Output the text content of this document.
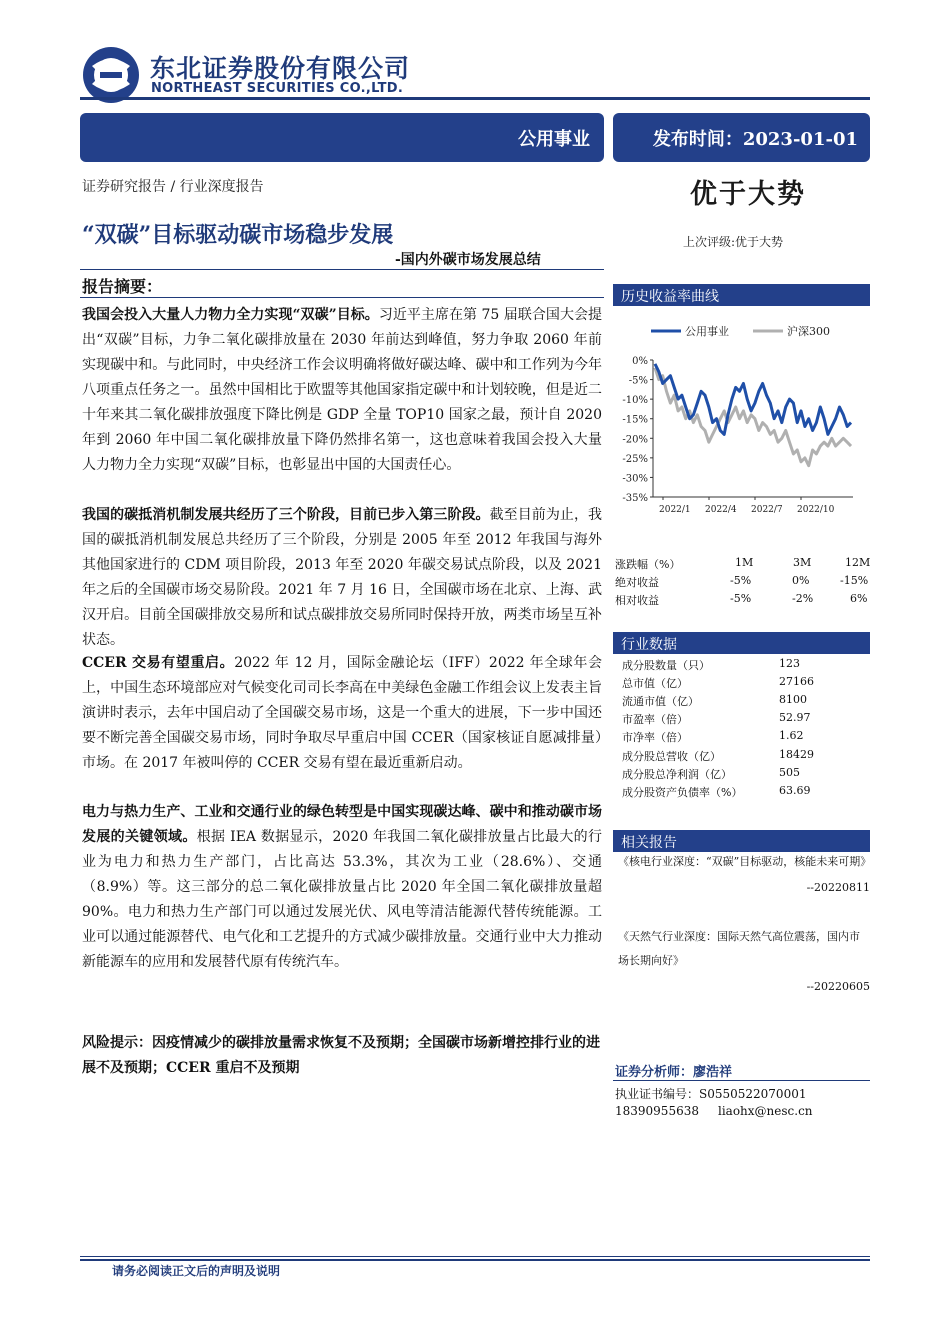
东北证券股份有限公司
NORTHEAST SECURITIES CO.,LTD.
公用事业	发布时间：2023-01-01
证券研究报告 / 行业深度报告	优于大势
“双碳”目标驱动碳市场稳步发展	上次评级:优于大势
-国内外碳市场发展总结
报告摘要：
我国会投入大量人力物力全力实现“双碳”目标。习近平主席在第 75 届联合国大会提出“双碳”目标，力争二氧化碳排放量在 2030 年前达到峰值，努力争取 2060 年前实现碳中和。与此同时，中央经济工作会议明确将做好碳达峰、碳中和工作列为今年八项重点任务之一。虽然中国相比于欧盟等其他国家指定碳中和计划较晚，但是近二十年来其二氧化碳排放强度下降比例是 GDP 全量 TOP10 国家之最，预计自 2020 年到 2060 年中国二氧化碳排放量下降仍然排名第一，这也意味着我国会投入大量人力物力全力实现“双碳”目标，也彰显出中国的大国责任心。
我国的碳抵消机制发展共经历了三个阶段，目前已步入第三阶段。截至目前为止，我国的碳抵消机制发展总共经历了三个阶段，分别是 2005 年至 2012 年我国与海外其他国家进行的 CDM 项目阶段，2013 年至 2020 年碳交易试点阶段，以及 2021 年之后的全国碳市场交易阶段。2021 年 7 月 16 日，全国碳市场在北京、上海、武汉开启。目前全国碳排放交易所和试点碳排放交易所同时保持开放，两类市场呈互补状态。
CCER 交易有望重启。2022 年 12 月，国际金融论坛（IFF）2022 年全球年会上，中国生态环境部应对气候变化司司长李高在中美绿色金融工作组会议上发表主旨演讲时表示，去年中国启动了全国碳交易市场，这是一个重大的进展，下一步中国还要不断完善全国碳交易市场，同时争取尽早重启中国 CCER（国家核证自愿减排量）市场。在 2017 年被叫停的 CCER 交易有望在最近重新启动。
电力与热力生产、工业和交通行业的绿色转型是中国实现碳达峰、碳中和推动碳市场发展的关键领域。根据 IEA 数据显示，2020 年我国二氧化碳排放量占比最大的行业为电力和热力生产部门，占比高达 53.3%，其次为工业（28.6%）、交通（8.9%）等。这三部分的总二氧化碳排放量占比 2020 年全国二氧化碳排放量超 90%。电力和热力生产部门可以通过发展光伏、风电等清洁能源代替传统能源。工业可以通过能源替代、电气化和工艺提升的方式减少碳排放量。交通行业中大力推动新能源车的应用和发展替代原有传统汽车。
风险提示：因疫情减少的碳排放量需求恢复不及预期；全国碳市场新增控排行业的进展不及预期；CCER 重启不及预期
历史收益率曲线
0%
-5%
-10%
-15%
-20%
-25%
-30%
-35%
2022/1 2022/4 2022/7 2022/10
公用事业	沪深300
涨跌幅（%）	1M	3M	12M
绝对收益	-5%	0%	-15%
相对收益	-5%	-2%	6%
行业数据
成分股数量（只）	123
总市值（亿）	27166
流通市值（亿）	8100
市盈率（倍）	52.97
市净率（倍）	1.62
成分股总营收（亿）	18429
成分股总净利润（亿）	505
成分股资产负债率（%）	63.69
相关报告
《核电行业深度：“双碳”目标驱动，核能未来可期》
--20220811
《天然气行业深度：国际天然气高位震荡，国内市场长期向好》
--20220605
证券分析师：廖浩祥
执业证书编号：S0550522070001
18390955638 liaohx@nesc.cn
请务必阅读正文后的声明及说明
